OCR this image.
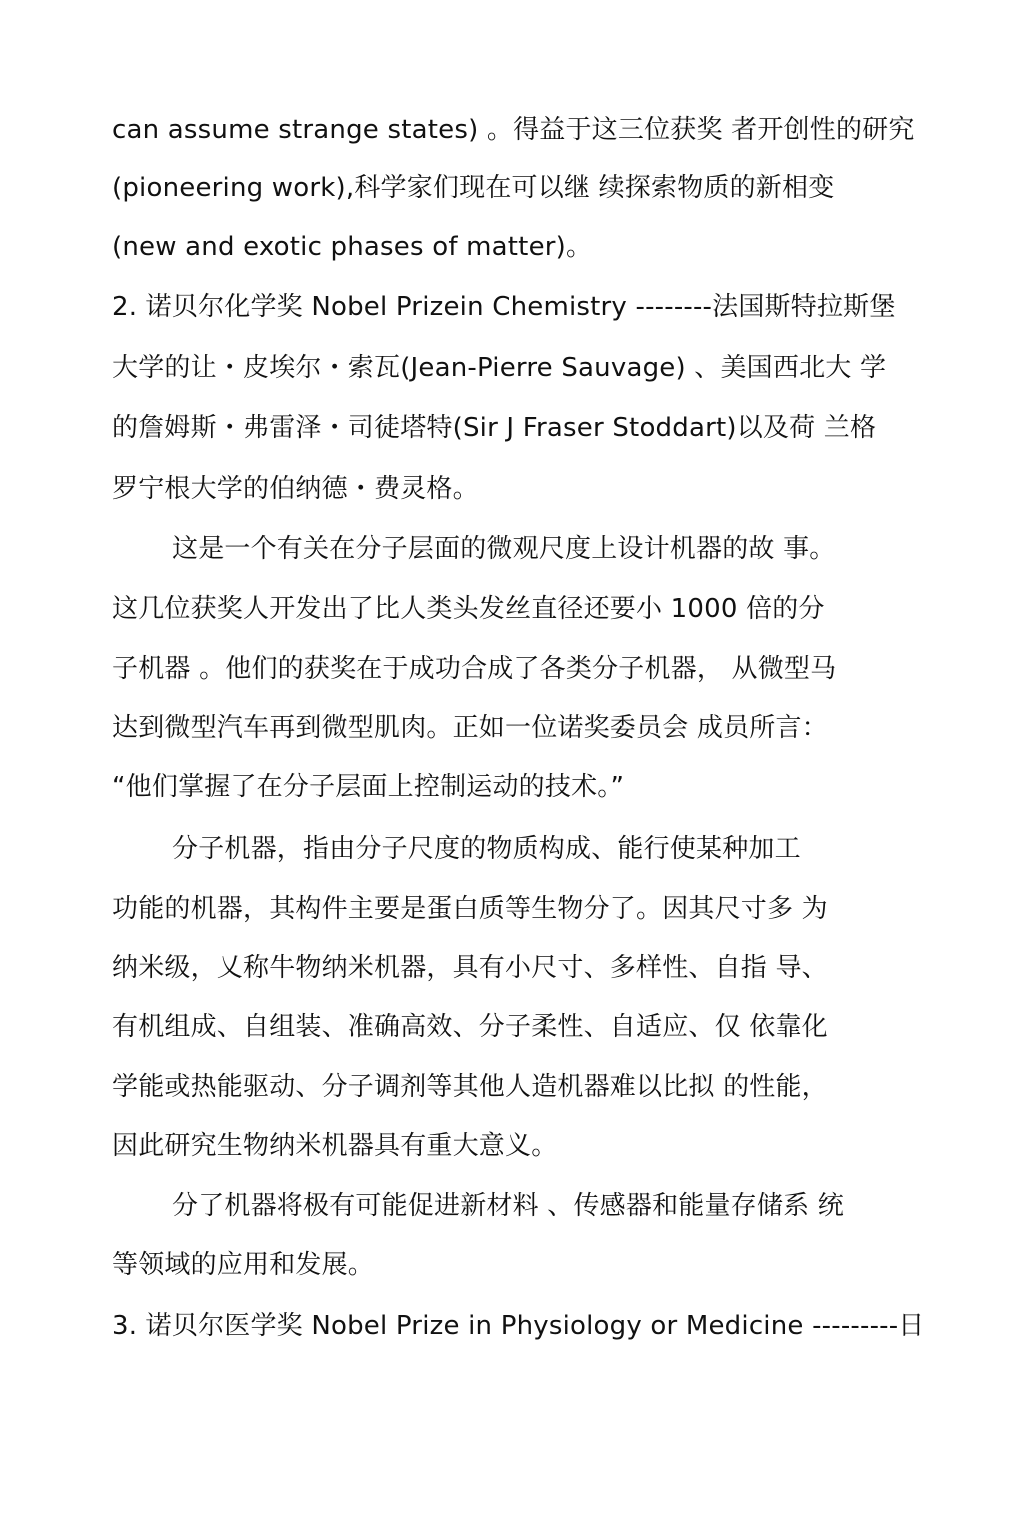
can assume strange states) 。得益于这三位获奖 者开创性的研究
(pioneering work),科学家们现在可以继 续探索物质的新相变
(new and exotic phases of matter)。
2. 诺贝尔化学奖 Nobel Prizein Chemistry --------法国斯特拉斯堡
大学的让・皮埃尔・索瓦(Jean-Pierre Sauvage) 、美国西北大 学
的詹姆斯・弗雷泽・司徒塔特(Sir J Fraser Stoddart)以及荷 兰格
罗宁根大学的伯纳德・费灵格。
这是一个有关在分子层面的微观尺度上设计机器的故 事。
这几位获奖人开发出了比人类头发丝直径还要小 1000 倍的分
子机器 。他们的获奖在于成功合成了各类分子机器， 从微型马
达到微型汽车再到微型肌肉。正如一位诺奖委员会 成员所言：
“他们掌握了在分子层面上控制运动的技术。”
分子机器，指由分子尺度的物质构成、能行使某种加工
功能的机器，其构件主要是蛋白质等生物分了。因其尺寸多 为
纳米级，乂称牛物纳米机器，具有小尺寸、多样性、自指 导、
有机组成、自组装、准确高效、分子柔性、自适应、仅 依靠化
学能或热能驱动、分子调剂等其他人造机器难以比拟 的性能，
因此研究生物纳米机器具有重大意义。
分了机器将极有可能促进新材料 、传感器和能量存储系 统
等领域的应用和发展。
3. 诺贝尔医学奖 Nobel Prize in Physiology or Medicine ---------日
